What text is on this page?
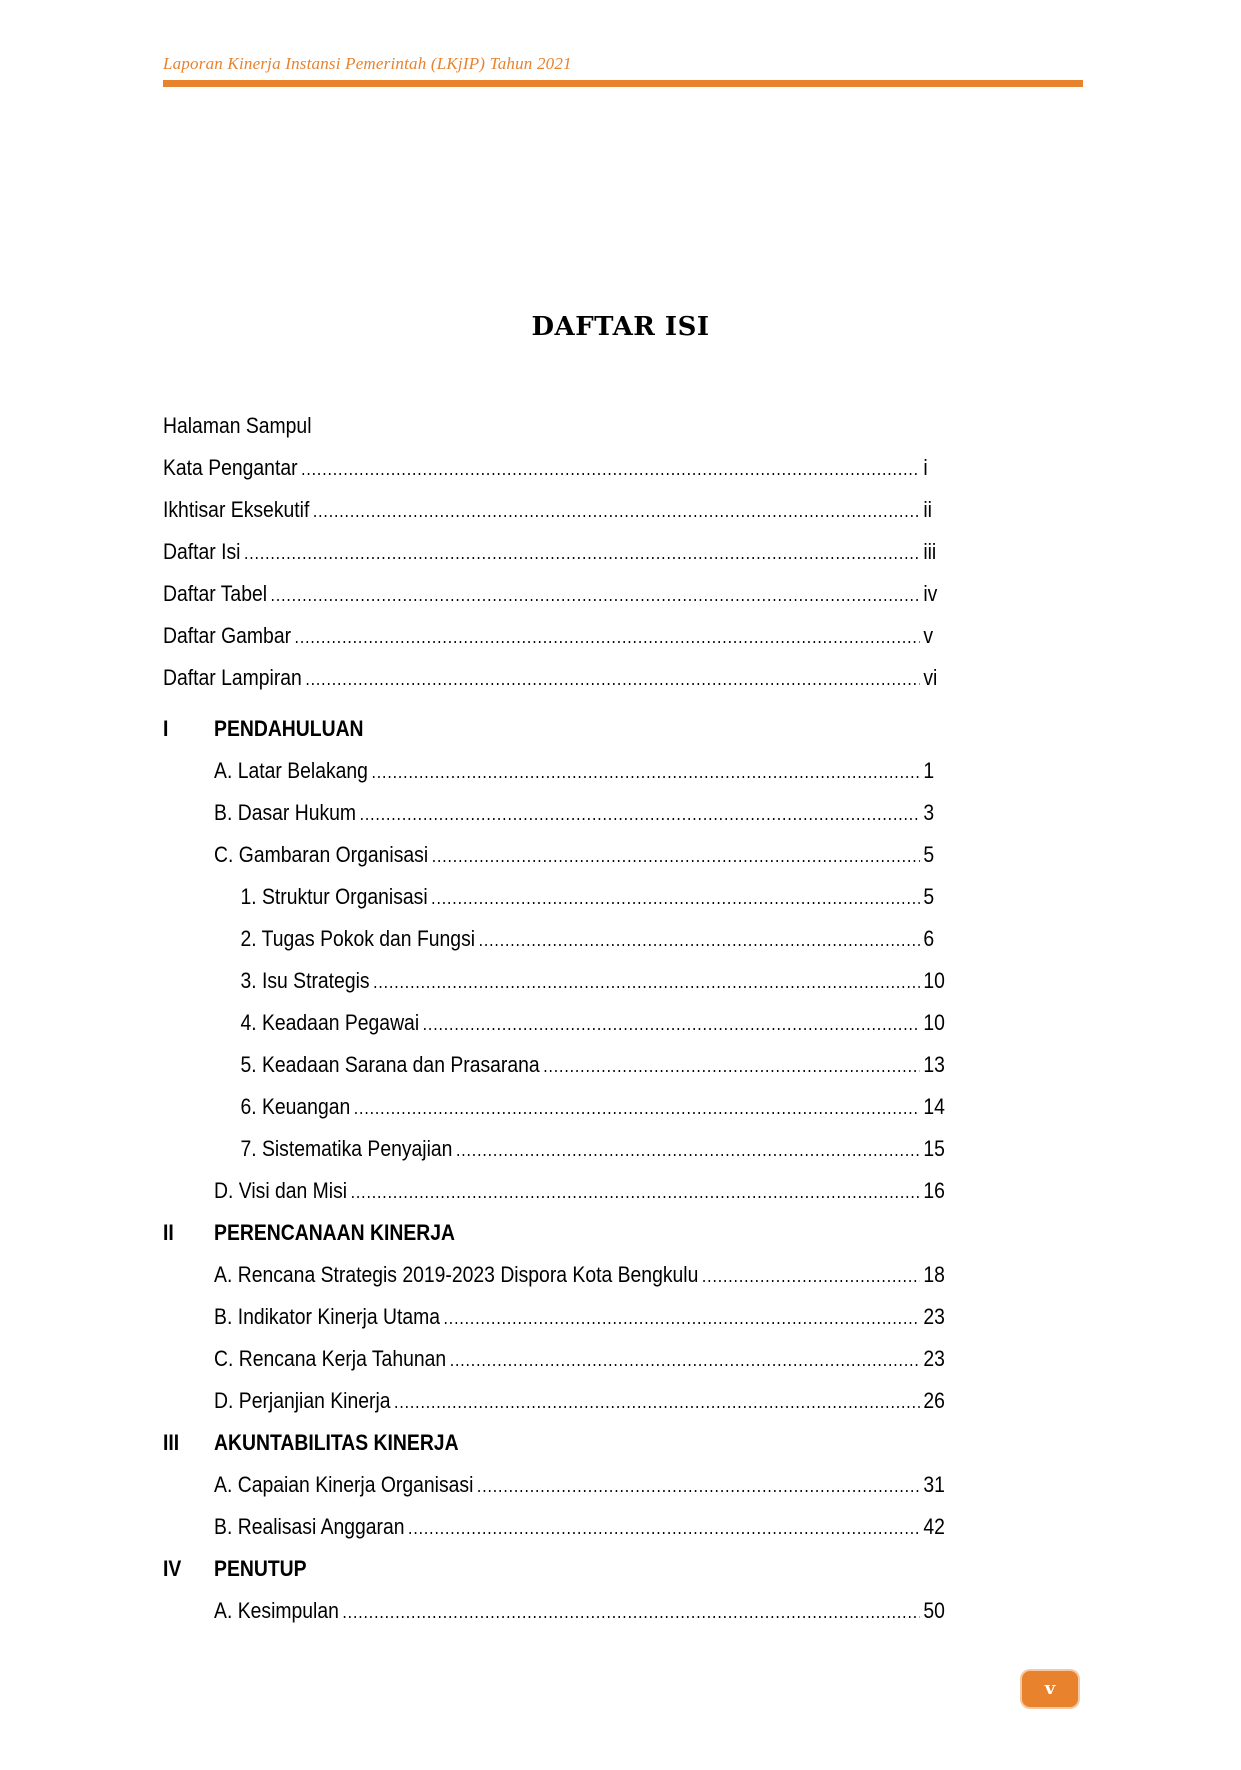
Laporan Kinerja Instansi Pemerintah (LKjIP) Tahun 2021
DAFTAR ISI
Halaman Sampul
Kata Pengantar .....	i
Ikhtisar Eksekutif .....	ii
Daftar Isi .....	iii
Daftar Tabel .....	iv
Daftar Gambar .....	v
Daftar Lampiran .....	vi
I	PENDAHULUAN
A. Latar Belakang .....	1
B. Dasar Hukum .....	3
C. Gambaran Organisasi .....	5
1. Struktur Organisasi .....	5
2. Tugas Pokok dan Fungsi .....	6
3. Isu Strategis .....	10
4. Keadaan Pegawai .....	10
5. Keadaan Sarana dan Prasarana .....	13
6. Keuangan .....	14
7. Sistematika Penyajian .....	15
D. Visi dan Misi .....	16
II	PERENCANAAN KINERJA
A. Rencana Strategis 2019-2023 Dispora Kota Bengkulu .....	18
B. Indikator Kinerja Utama .....	23
C. Rencana Kerja Tahunan .....	23
D. Perjanjian Kinerja .....	26
III	AKUNTABILITAS KINERJA
A. Capaian Kinerja Organisasi .....	31
B. Realisasi Anggaran .....	42
IV	PENUTUP
A. Kesimpulan .....	50
v
